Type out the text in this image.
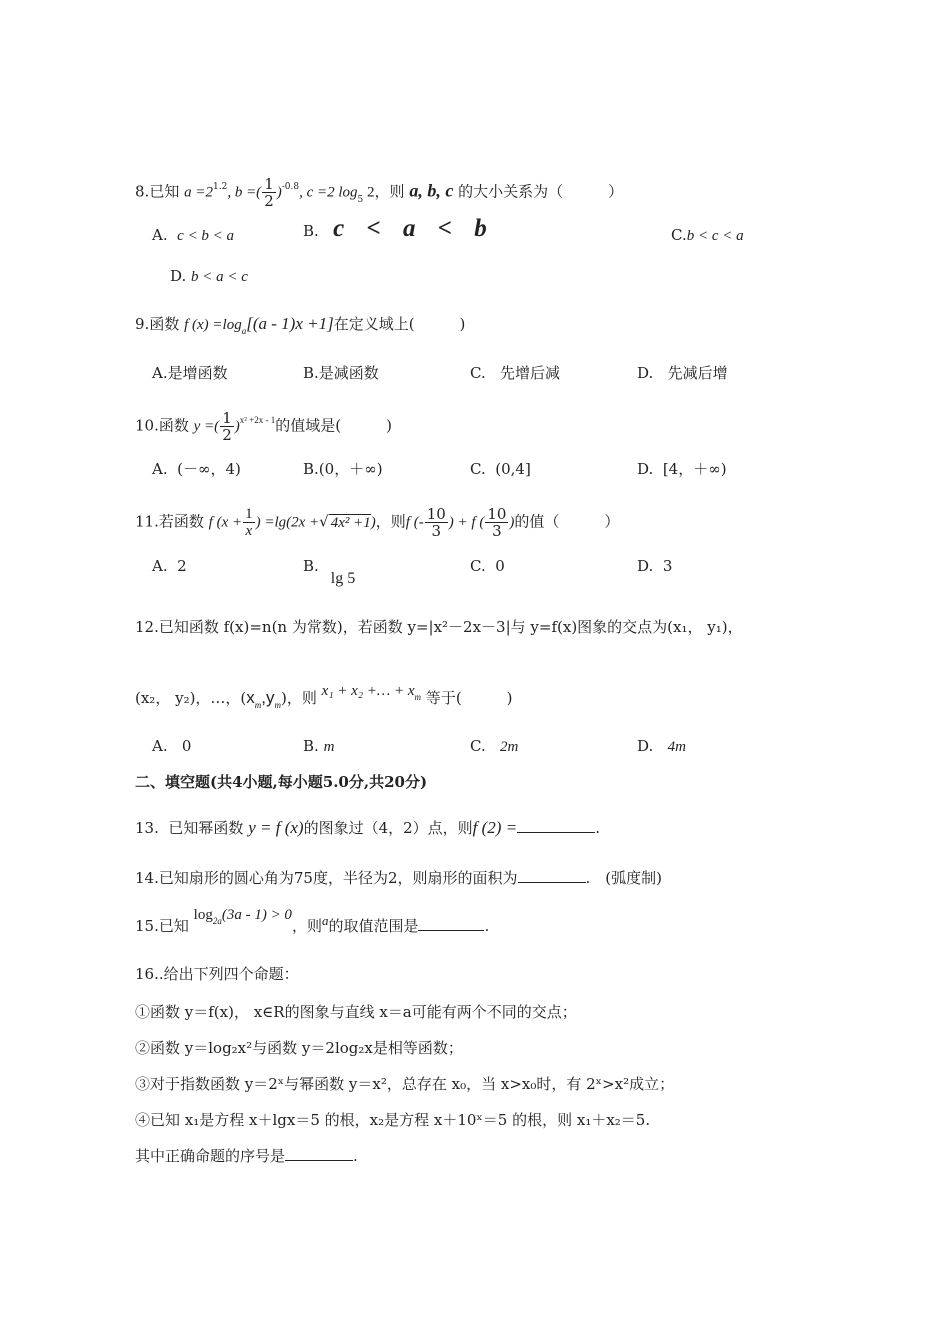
8.已知 $a =2^{1.2}$, b =( $\frac{1}{2} )^{-0.8}$, c =2 $\log_5 2$，则 a, b, c 的大小关系为（　　　）
A. c < b < a	B. c < a < b	C.b < c < a
D. b < a < c
9.函数 f $(x) =\log_a[(a - 1)x +1]$在定义域上(　　　)
A.是增函数	B.是减函数	C. 先增后减	D. 先减后增
10.函数 y =( $\frac{1}{2} )^{x^2 +2x - 1}$的值域是(　　　)
A. (－∞，4)	B.(0，＋∞)	C. (0,4]	D. [4，＋∞)
11.若函数 f ($x + \frac{1}{x}$ ) =lg(2x +√ 4x² +1)，则f (- $\frac{10}{3}$ ) + f ( $\frac{10}{3}$ )的值（　　　）
A. 2	B.lg 5
C. 0	D. 3
12.已知函数 f(x)=n(n 为常数)，若函数 y=|x²－2x－3|与 y=f(x)图象的交点为(x₁， y₁)，
(x₂， y₂)，…，$(x_m,y_m)$，则 x₁ + x₂ +… + $x_m$ 等于(　　　)
A. 0	B. m	C. 2m	D. 4m
二、填空题(共4小题,每小题5.0分,共20分)
13. 已知幂函数 y = f (x)的图象过（4，2）点，则f (2) =	.
14.已知扇形的圆心角为75度，半径为2，则扇形的面积为	.　(弧度制)
15.已知 $\log_{2a}(3a - 1) > 0$，则a的取值范围是	.
16..给出下列四个命题：
①函数 y＝f(x)， x∈R的图象与直线 x＝a可能有两个不同的交点；
②函数 y＝log₂x²与函数 y＝2log₂x是相等函数；
③对于指数函数 y＝2ˣ与幂函数 y＝x²，总存在 x₀，当 x>x₀时，有 2ˣ>x²成立；
④已知 x₁是方程 x＋lgx＝5 的根，x₂是方程 x＋10ˣ＝5 的根，则 x₁＋x₂＝5.
其中正确命题的序号是	.
